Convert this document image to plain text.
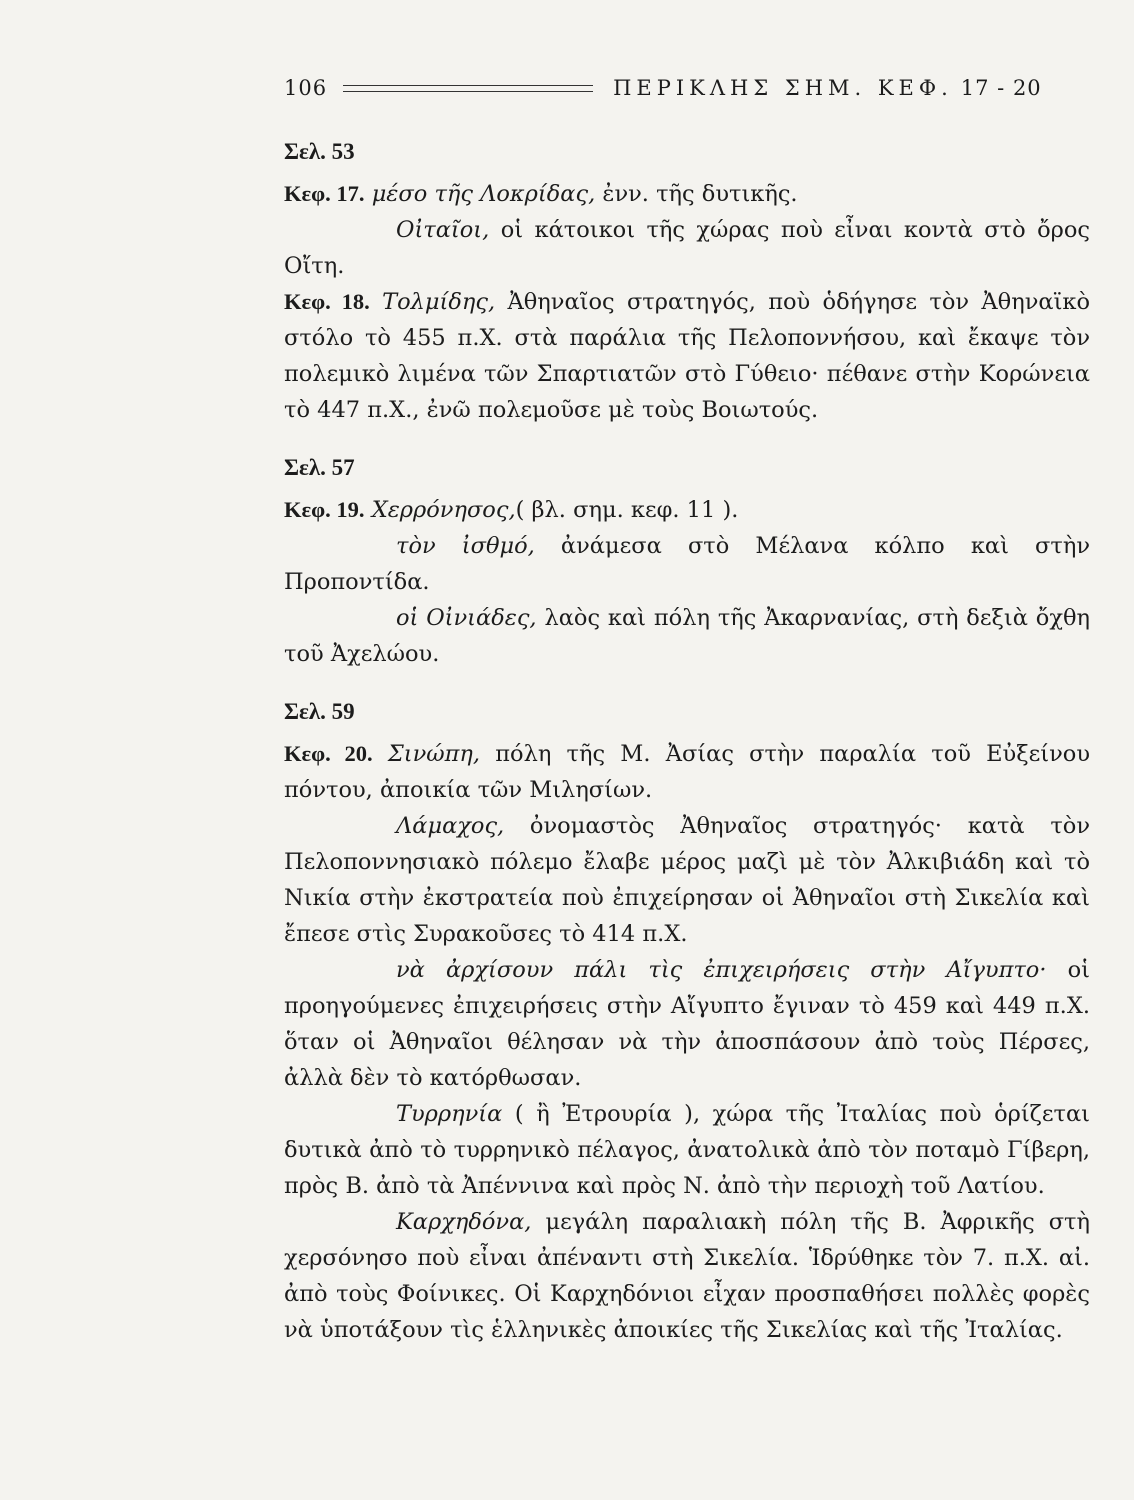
106	ΠΕΡΙΚΛΗΣ ΣΗΜ. ΚΕΦ. 17 - 20
Σελ. 53

Κεφ. 17. μέσο τῆς Λοκρίδας, ἐνν. τῆς δυτικῆς.

Οἰταῖοι, οἱ κάτοικοι τῆς χώρας ποὺ εἶναι κοντὰ στὸ ὄρος Οἴτη.

Κεφ. 18. Τολμίδης, Ἀθηναῖος στρατηγός, ποὺ ὁδήγησε τὸν Ἀθηναϊκὸ στόλο τὸ 455 π.Χ. στὰ παράλια τῆς Πελοποννήσου, καὶ ἔκαψε τὸν πολεμικὸ λιμένα τῶν Σπαρτιατῶν στὸ Γύθειο· πέθανε στὴν Κορώνεια τὸ 447 π.Χ., ἐνῶ πολεμοῦσε μὲ τοὺς Βοιωτούς.

Σελ. 57

Κεφ. 19. Χερρόνησος,( βλ. σημ. κεφ. 11 ).

τὸν ἰσθμό, ἀνάμεσα στὸ Μέλανα κόλπο καὶ στὴν Προποντίδα.

οἱ Οἰνιάδες, λαὸς καὶ πόλη τῆς Ἀκαρνανίας, στὴ δεξιὰ ὄχθη τοῦ Ἀχελώου.

Σελ. 59

Κεφ. 20. Σινώπη, πόλη τῆς Μ. Ἀσίας στὴν παραλία τοῦ Εὐξείνου πόντου, ἀποικία τῶν Μιλησίων.

Λάμαχος, ὀνομαστὸς Ἀθηναῖος στρατηγός· κατὰ τὸν Πελοποννησιακὸ πόλεμο ἔλαβε μέρος μαζὶ μὲ τὸν Ἀλκιβιάδη καὶ τὸ Νικία στὴν ἐκστρατεία ποὺ ἐπιχείρησαν οἱ Ἀθηναῖοι στὴ Σικελία καὶ ἔπεσε στὶς Συρακοῦσες τὸ 414 π.Χ.

νὰ ἀρχίσουν πάλι τὶς ἐπιχειρήσεις στὴν Αἴγυπτο· οἱ προηγούμενες ἐπιχειρήσεις στὴν Αἴγυπτο ἔγιναν τὸ 459 καὶ 449 π.Χ. ὅταν οἱ Ἀθηναῖοι θέλησαν νὰ τὴν ἀποσπάσουν ἀπὸ τοὺς Πέρσες, ἀλλὰ δὲν τὸ κατόρθωσαν.

Τυρρηνία ( ἢ Ἐτρουρία ), χώρα τῆς Ἰταλίας ποὺ ὁρίζεται δυτικὰ ἀπὸ τὸ τυρρηνικὸ πέλαγος, ἀνατολικὰ ἀπὸ τὸν ποταμὸ Γίβερη, πρὸς Β. ἀπὸ τὰ Ἀπέννινα καὶ πρὸς Ν. ἀπὸ τὴν περιοχὴ τοῦ Λατίου.

Καρχηδόνα, μεγάλη παραλιακὴ πόλη τῆς Β. Ἀφρικῆς στὴ χερσόνησο ποὺ εἶναι ἀπέναντι στὴ Σικελία. Ἱδρύθηκε τὸν 7. π.Χ. αἰ. ἀπὸ τοὺς Φοίνικες. Οἱ Καρχηδόνιοι εἶχαν προσπαθήσει πολλὲς φορὲς νὰ ὑποτάξουν τὶς ἑλληνικὲς ἀποικίες τῆς Σικελίας καὶ τῆς Ἰταλίας.
